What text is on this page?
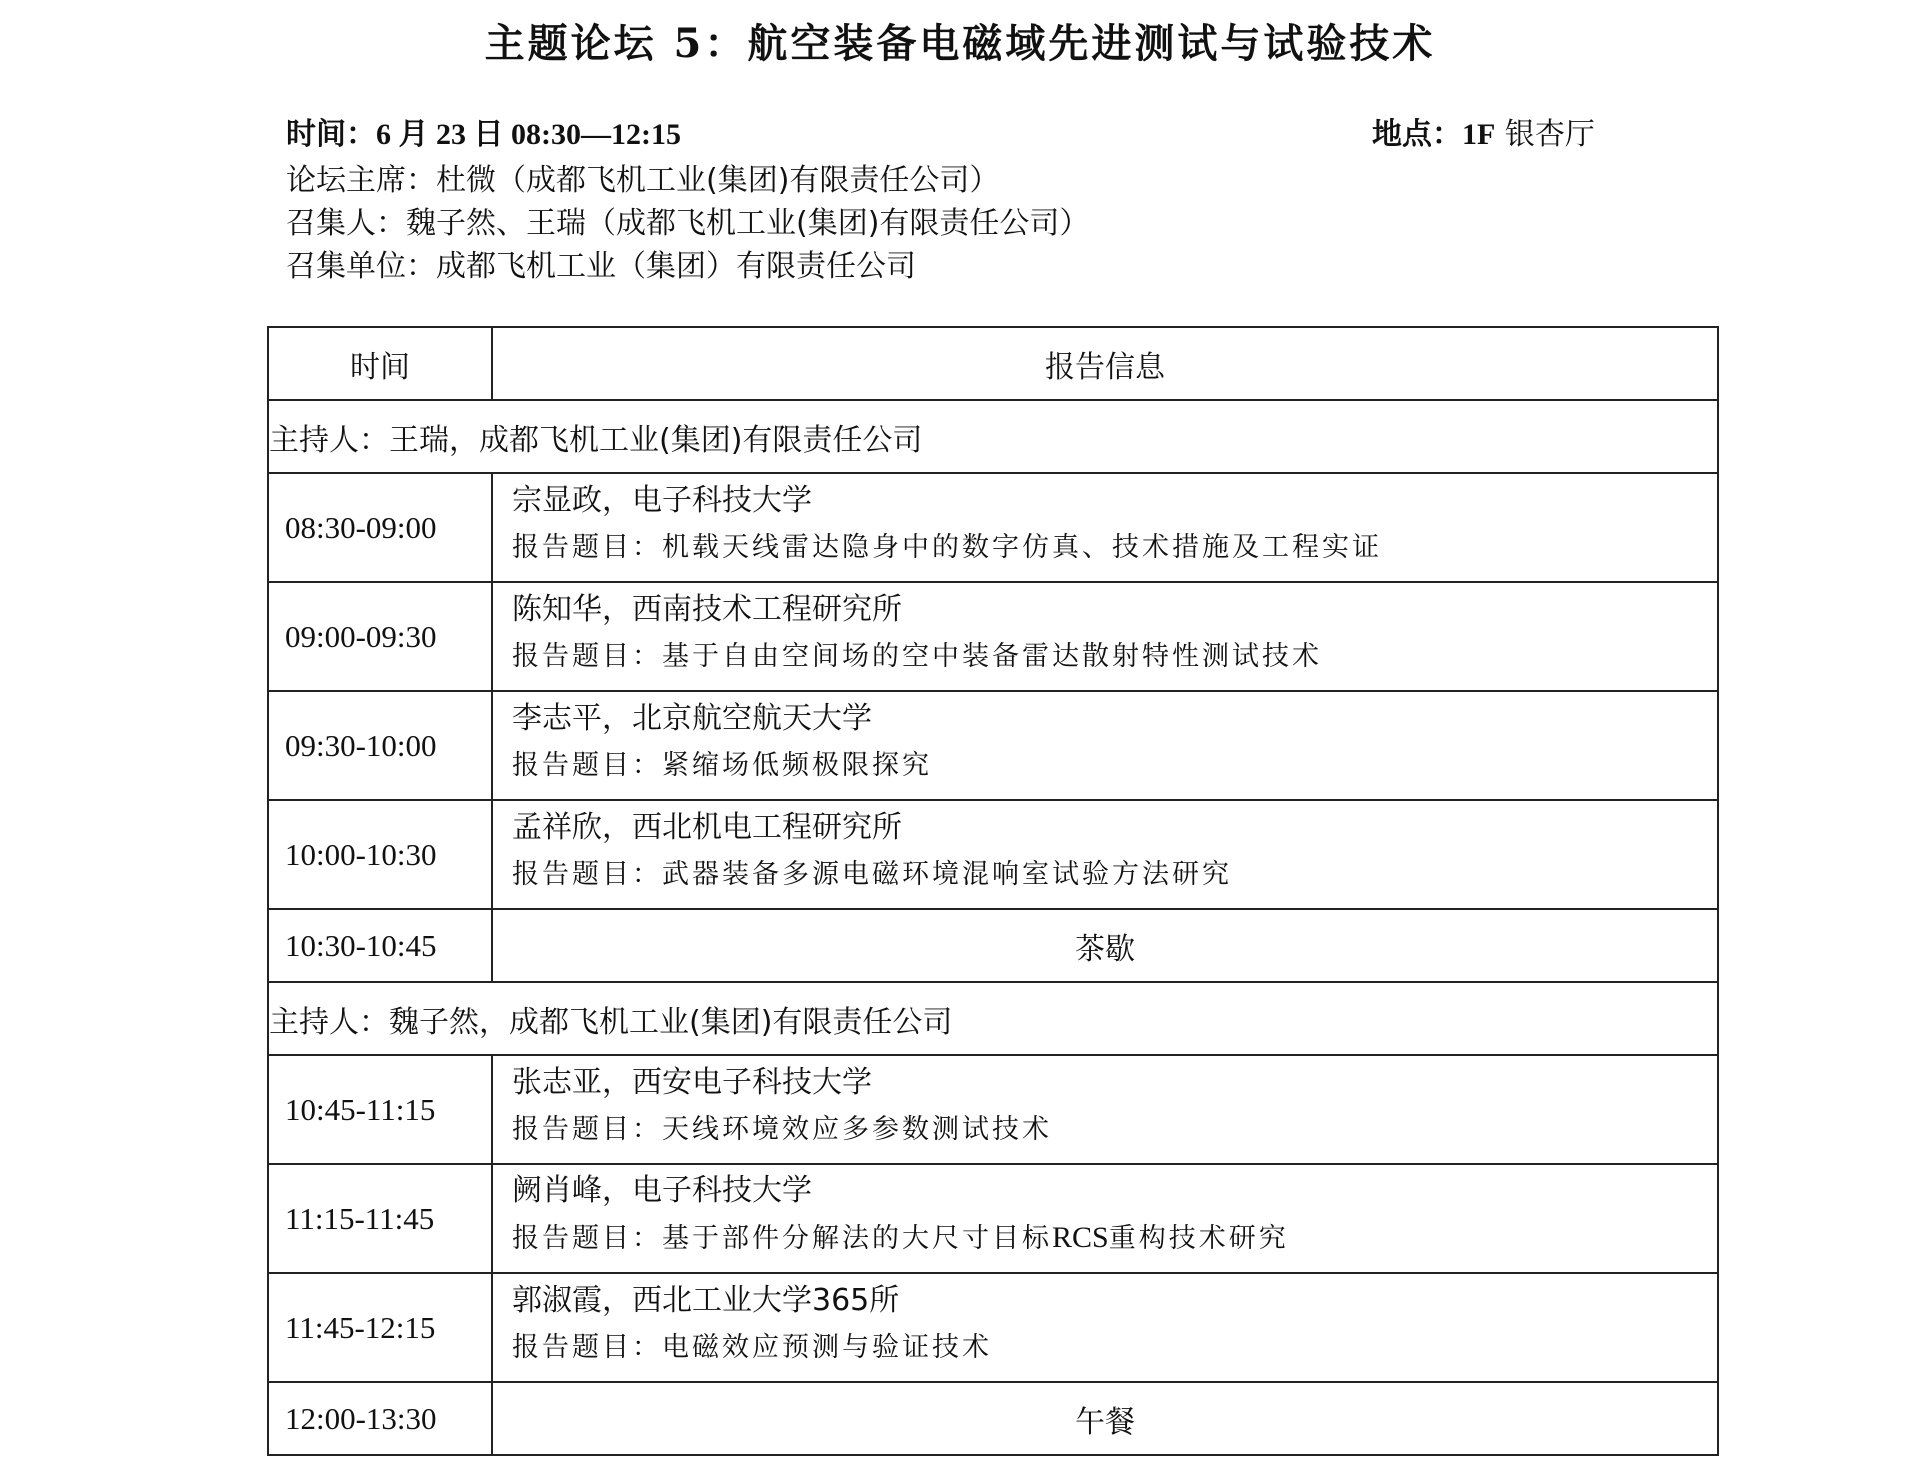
主题论坛 5：航空装备电磁域先进测试与试验技术
时间：6 月 23 日 08:30—12:15	地点：1F 银杏厅
论坛主席：杜微（成都飞机工业(集团)有限责任公司）
召集人：魏子然、王瑞（成都飞机工业(集团)有限责任公司）
召集单位：成都飞机工业（集团）有限责任公司
时间	报告信息
主持人：王瑞，成都飞机工业(集团)有限责任公司	
08:30-09:00	宗显政，电子科技大学
报告题目：机载天线雷达隐身中的数字仿真、技术措施及工程实证

09:00-09:30	陈知华，西南技术工程研究所
报告题目：基于自由空间场的空中装备雷达散射特性测试技术

09:30-10:00	李志平，北京航空航天大学
报告题目：紧缩场低频极限探究

10:00-10:30	孟祥欣，西北机电工程研究所
报告题目：武器装备多源电磁环境混响室试验方法研究

10:30-10:45	茶歇
主持人：魏子然，成都飞机工业(集团)有限责任公司	
10:45-11:15	张志亚，西安电子科技大学
报告题目：天线环境效应多参数测试技术

11:15-11:45	阙肖峰，电子科技大学
报告题目：基于部件分解法的大尺寸目标RCS重构技术研究

11:45-12:15	郭淑霞，西北工业大学365所
报告题目：电磁效应预测与验证技术

12:00-13:30	午餐
